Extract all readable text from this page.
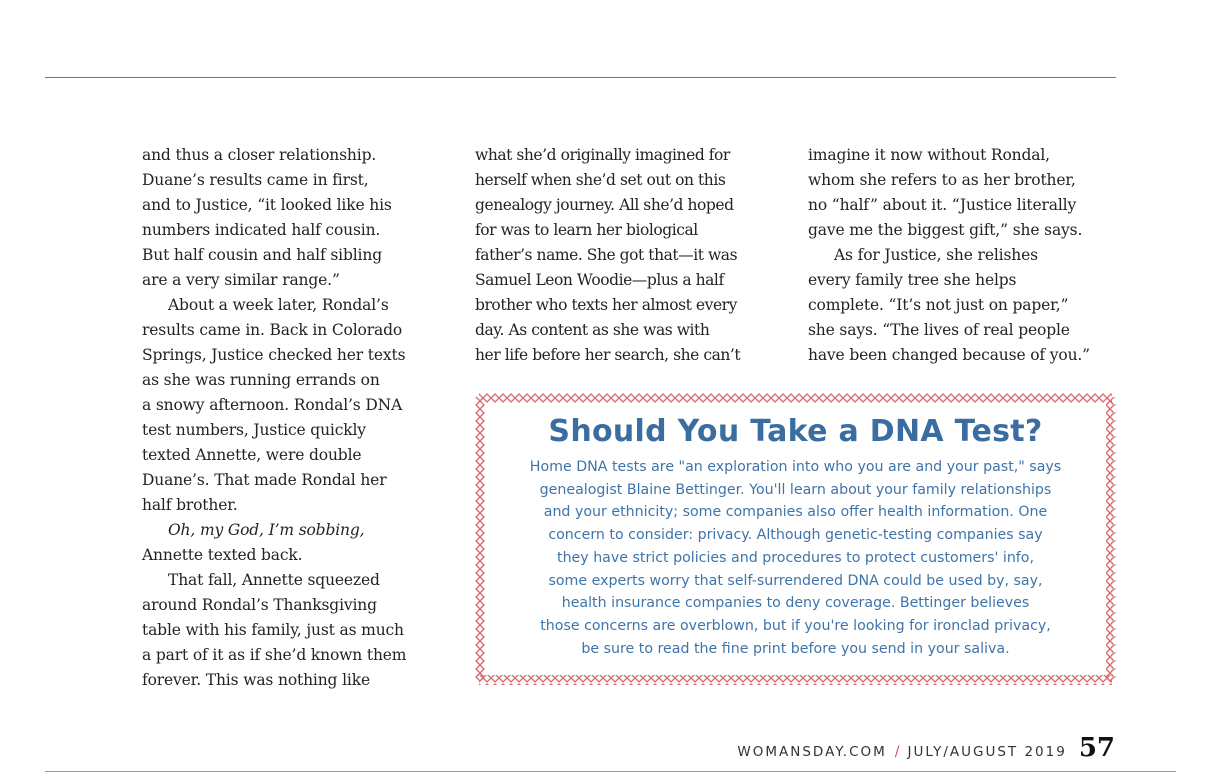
and thus a closer relationship.
Duane’s results came in first,
and to Justice, “it looked like his
numbers indicated half cousin.
But half cousin and half sibling
are a very similar range.”
About a week later, Rondal’s
results came in. Back in Colorado
Springs, Justice checked her texts
as she was running errands on
a snowy afternoon. Rondal’s DNA
test numbers, Justice quickly
texted Annette, were double
Duane’s. That made Rondal her
half brother.
Oh, my God, I’m sobbing,
Annette texted back.
That fall, Annette squeezed
around Rondal’s Thanksgiving
table with his family, just as much
a part of it as if she’d known them
forever. This was nothing like
what she’d originally imagined for
herself when she’d set out on this
genealogy journey. All she’d hoped
for was to learn her biological
father’s name. She got that—it was
Samuel Leon Woodie—plus a half
brother who texts her almost every
day. As content as she was with
her life before her search, she can’t
imagine it now without Rondal,
whom she refers to as her brother,
no “half” about it. “Justice literally
gave me the biggest gift,” she says.
As for Justice, she relishes
every family tree she helps
complete. “It’s not just on paper,”
she says. “The lives of real people
have been changed because of you.”
Should You Take a DNA Test?
Home DNA tests are "an exploration into who you are and your past," says
genealogist Blaine Bettinger. You'll learn about your family relationships
and your ethnicity; some companies also offer health information. One
concern to consider: privacy. Although genetic-testing companies say
they have strict policies and procedures to protect customers' info,
some experts worry that self-surrendered DNA could be used by, say,
health insurance companies to deny coverage. Bettinger believes
those concerns are overblown, but if you're looking for ironclad privacy,
be sure to read the fine print before you send in your saliva.
WOMANSDAY.COM / JULY/AUGUST 2019 57
